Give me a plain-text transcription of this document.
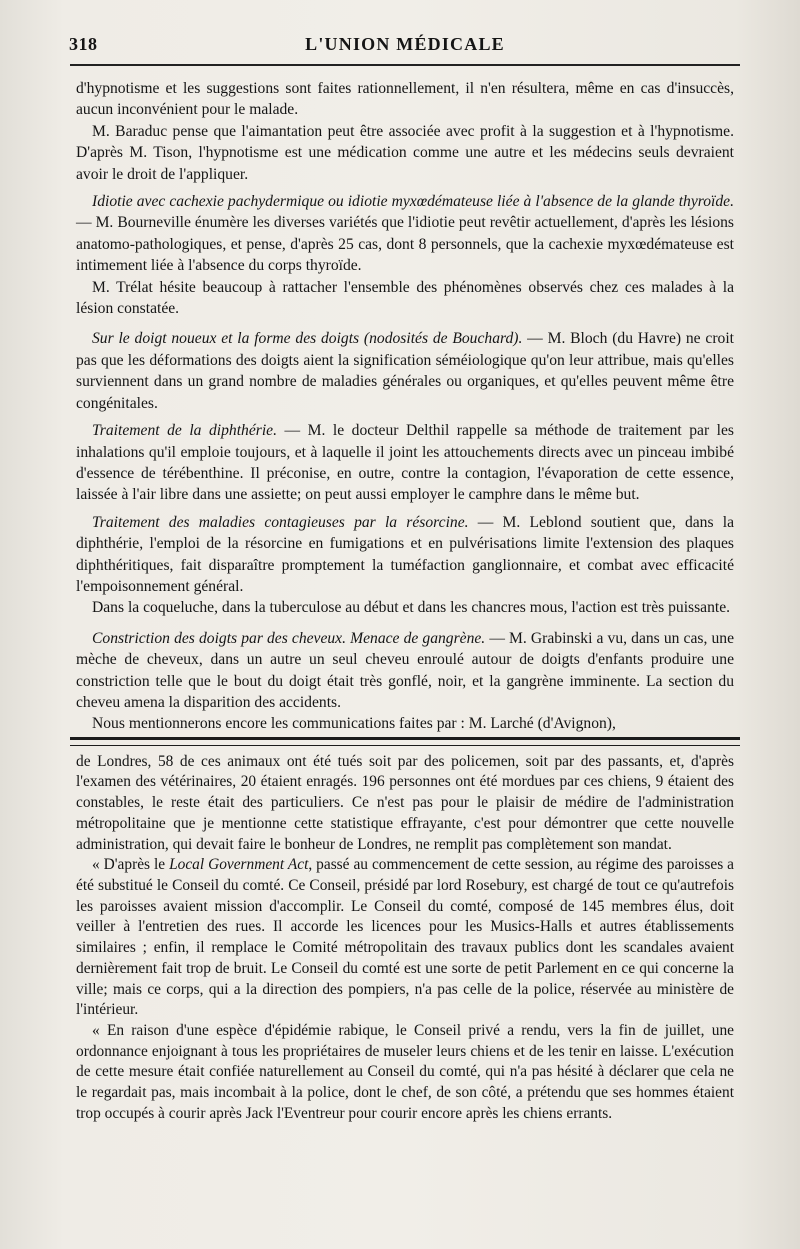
318	L'UNION MÉDICALE

d'hypnotisme et les suggestions sont faites rationnellement, il n'en résultera, même en cas d'insuccès, aucun inconvénient pour le malade.

M. Baraduc pense que l'aimantation peut être associée avec profit à la suggestion et à l'hypnotisme. D'après M. Tison, l'hypnotisme est une médication comme une autre et les médecins seuls devraient avoir le droit de l'appliquer.

Idiotie avec cachexie pachydermique ou idiotie myxœdémateuse liée à l'absence de la glande thyroïde. — M. Bourneville énumère les diverses variétés que l'idiotie peut revêtir actuellement, d'après les lésions anatomo-pathologiques, et pense, d'après 25 cas, dont 8 personnels, que la cachexie myxœdémateuse est intimement liée à l'absence du corps thyroïde.

M. Trélat hésite beaucoup à rattacher l'ensemble des phénomènes observés chez ces malades à la lésion constatée.

Sur le doigt noueux et la forme des doigts (nodosités de Bouchard). — M. Bloch (du Havre) ne croit pas que les déformations des doigts aient la signification séméiologique qu'on leur attribue, mais qu'elles surviennent dans un grand nombre de maladies générales ou organiques, et qu'elles peuvent même être congénitales.

Traitement de la diphthérie. — M. le docteur Delthil rappelle sa méthode de traitement par les inhalations qu'il emploie toujours, et à laquelle il joint les attouchements directs avec un pinceau imbibé d'essence de térébenthine. Il préconise, en outre, contre la contagion, l'évaporation de cette essence, laissée à l'air libre dans une assiette; on peut aussi employer le camphre dans le même but.

Traitement des maladies contagieuses par la résorcine. — M. Leblond soutient que, dans la diphthérie, l'emploi de la résorcine en fumigations et en pulvérisations limite l'extension des plaques diphthéritiques, fait disparaître promptement la tuméfaction ganglionnaire, et combat avec efficacité l'empoisonnement général.

Dans la coqueluche, dans la tuberculose au début et dans les chancres mous, l'action est très puissante.

Constriction des doigts par des cheveux. Menace de gangrène. — M. Grabinski a vu, dans un cas, une mèche de cheveux, dans un autre un seul cheveu enroulé autour de doigts d'enfants produire une constriction telle que le bout du doigt était très gonflé, noir, et la gangrène imminente. La section du cheveu amena la disparition des accidents.

Nous mentionnerons encore les communications faites par : M. Larché (d'Avignon),

de Londres, 58 de ces animaux ont été tués soit par des policemen, soit par des passants, et, d'après l'examen des vétérinaires, 20 étaient enragés. 196 personnes ont été mordues par ces chiens, 9 étaient des constables, le reste était des particuliers. Ce n'est pas pour le plaisir de médire de l'administration métropolitaine que je mentionne cette statistique effrayante, c'est pour démontrer que cette nouvelle administration, qui devait faire le bonheur de Londres, ne remplit pas complètement son mandat.

« D'après le Local Government Act, passé au commencement de cette session, au régime des paroisses a été substitué le Conseil du comté. Ce Conseil, présidé par lord Rosebury, est chargé de tout ce qu'autrefois les paroisses avaient mission d'accomplir. Le Conseil du comté, composé de 145 membres élus, doit veiller à l'entretien des rues. Il accorde les licences pour les Musics-Halls et autres établissements similaires ; enfin, il remplace le Comité métropolitain des travaux publics dont les scandales avaient dernièrement fait trop de bruit. Le Conseil du comté est une sorte de petit Parlement en ce qui concerne la ville; mais ce corps, qui a la direction des pompiers, n'a pas celle de la police, réservée au ministère de l'intérieur.

« En raison d'une espèce d'épidémie rabique, le Conseil privé a rendu, vers la fin de juillet, une ordonnance enjoignant à tous les propriétaires de museler leurs chiens et de les tenir en laisse. L'exécution de cette mesure était confiée naturellement au Conseil du comté, qui n'a pas hésité à déclarer que cela ne le regardait pas, mais incombait à la police, dont le chef, de son côté, a prétendu que ses hommes étaient trop occupés à courir après Jack l'Eventreur pour courir encore après les chiens errants.
